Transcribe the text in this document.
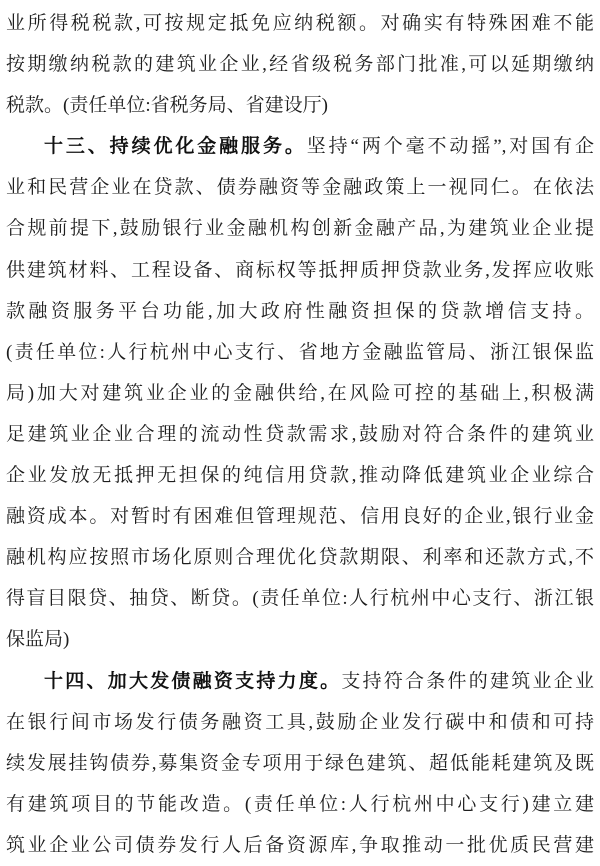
业所得税税款,可按规定抵免应纳税额。对确实有特殊困难不能
按期缴纳税款的建筑业企业,经省级税务部门批准,可以延期缴纳
税款。(责任单位:省税务局、省建设厅)
十三、持续优化金融服务。坚持“两个毫不动摇”,对国有企
业和民营企业在贷款、债券融资等金融政策上一视同仁。在依法
合规前提下,鼓励银行业金融机构创新金融产品,为建筑业企业提
供建筑材料、工程设备、商标权等抵押质押贷款业务,发挥应收账
款融资服务平台功能,加大政府性融资担保的贷款增信支持。
(责任单位:人行杭州中心支行、省地方金融监管局、浙江银保监
局)加大对建筑业企业的金融供给,在风险可控的基础上,积极满
足建筑业企业合理的流动性贷款需求,鼓励对符合条件的建筑业
企业发放无抵押无担保的纯信用贷款,推动降低建筑业企业综合
融资成本。对暂时有困难但管理规范、信用良好的企业,银行业金
融机构应按照市场化原则合理优化贷款期限、利率和还款方式,不
得盲目限贷、抽贷、断贷。(责任单位:人行杭州中心支行、浙江银
保监局)
十四、加大发债融资支持力度。支持符合条件的建筑业企业
在银行间市场发行债务融资工具,鼓励企业发行碳中和债和可持
续发展挂钩债券,募集资金专项用于绿色建筑、超低能耗建筑及既
有建筑项目的节能改造。(责任单位:人行杭州中心支行)建立建
筑业企业公司债券发行人后备资源库,争取推动一批优质民营建
